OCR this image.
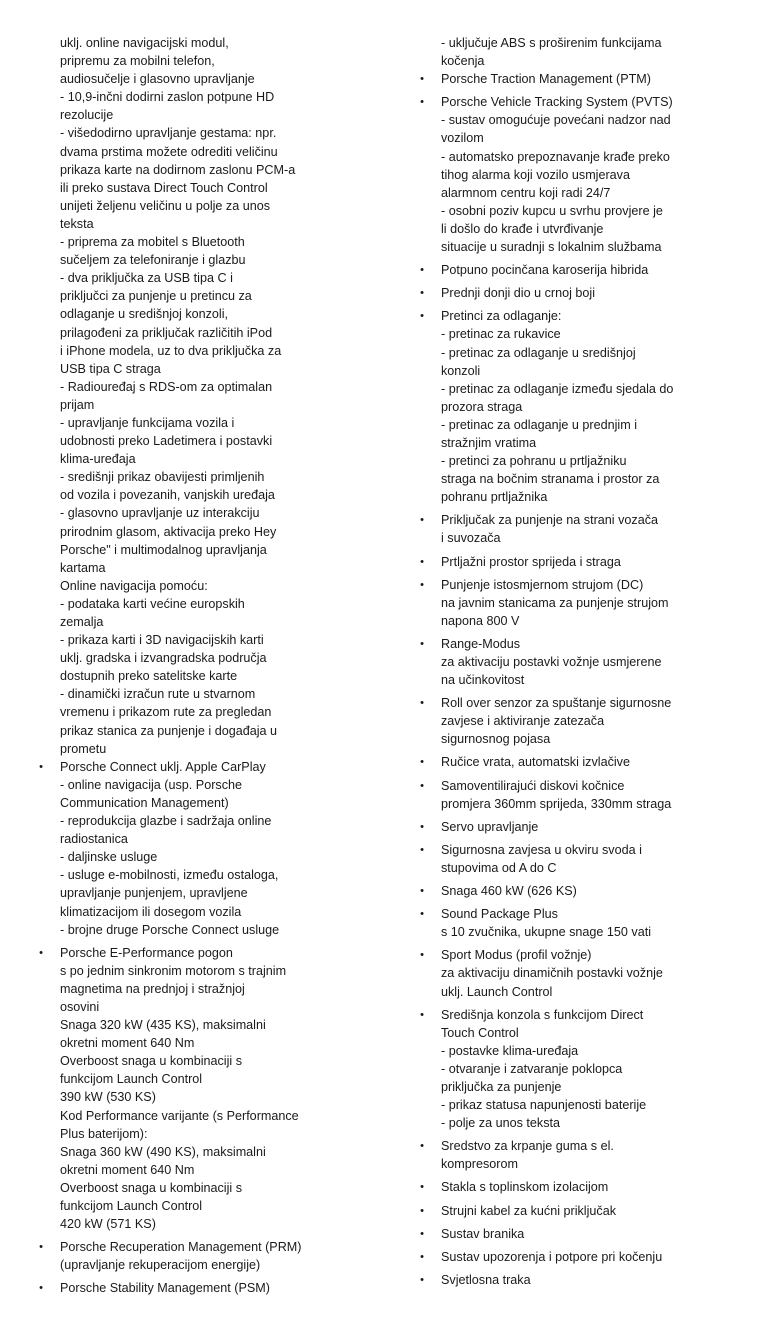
uklj. online navigacijski modul,
pripremu za mobilni telefon,
audiosučelje i glasovno upravljanje
- 10,9-inčni dodirni zaslon potpune HD
rezolucije
- višedodirno upravljanje gestama: npr.
dvama prstima možete odrediti veličinu
prikaza karte na dodirnom zaslonu PCM-a
ili preko sustava Direct Touch Control
unijeti željenu veličinu u polje za unos
teksta
- priprema za mobitel s Bluetooth
sučeljem za telefoniranje i glazbu
- dva priključka za USB tipa C i
priključci za punjenje u pretincu za
odlaganje u središnjoj konzoli,
prilagođeni za priključak različitih iPod
i iPhone modela, uz to dva priključka za
USB tipa C straga
- Radiouređaj s RDS-om za optimalan
prijam
- upravljanje funkcijama vozila i
udobnosti preko Ladetimera i postavki
klima-uređaja
- središnji prikaz obavijesti primljenih
od vozila i povezanih, vanjskih uređaja
- glasovno upravljanje uz interakciju
prirodnim glasom, aktivacija preko Hey
Porsche" i multimodalnog upravljanja
kartama
Online navigacija pomoću:
- podataka karti većine europskih
zemalja
- prikaza karti i 3D navigacijskih karti
uklj. gradska i izvangradska područja
dostupnih preko satelitske karte
- dinamički izračun rute u stvarnom
vremenu i prikazom rute za pregledan
prikaz stanica za punjenje i događaja u
prometu
• Porsche Connect uklj. Apple CarPlay
- online navigacija (usp. Porsche
Communication Management)
- reprodukcija glazbe i sadržaja online
radiostanica
- daljinske usluge
- usluge e-mobilnosti, između ostaloga,
upravljanje punjenjem, upravljene
klimatizacijom ili dosegom vozila
- brojne druge Porsche Connect usluge
• Porsche E-Performance pogon
s po jednim sinkronim motorom s trajnim
magnetima na prednjoj i stražnjoj
osovini
Snaga 320 kW (435 KS), maksimalni
okretni moment 640 Nm
Overboost snaga u kombinaciji s
funkcijom Launch Control
390 kW (530 KS)
Kod Performance varijante (s Performance
Plus baterijom):
Snaga 360 kW (490 KS), maksimalni
okretni moment 640 Nm
Overboost snaga u kombinaciji s
funkcijom Launch Control
420 kW (571 KS)
• Porsche Recuperation Management (PRM)
(upravljanje rekuperacijom energije)
• Porsche Stability Management (PSM)
- uključuje ABS s proširenim funkcijama
kočenja
• Porsche Traction Management (PTM)
• Porsche Vehicle Tracking System (PVTS)
- sustav omogućuje povećani nadzor nad
vozilom
- automatsko prepoznavanje krađe preko
tihog alarma koji vozilo usmjerava
alarmnom centru koji radi 24/7
- osobni poziv kupcu u svrhu provjere je
li došlo do krađe i utvrđivanje
situacije u suradnji s lokalnim službama
• Potpuno pocinčana karoserija hibrida
• Prednji donji dio u crnoj boji
• Pretinci za odlaganje:
- pretinac za rukavice
- pretinac za odlaganje u središnjoj
konzoli
- pretinac za odlaganje između sjedala do
prozora straga
- pretinac za odlaganje u prednjim i
stražnjim vratima
- pretinci za pohranu u prtljažniku
straga na bočnim stranama i prostor za
pohranu prtljažnika
• Priključak za punjenje na strani vozača
i suvozača
• Prtljažni prostor sprijeda i straga
• Punjenje istosmjernom strujom (DC)
na javnim stanicama za punjenje strujom
napona 800 V
• Range-Modus
za aktivaciju postavki vožnje usmjerene
na učinkovitost
• Roll over senzor za spuštanje sigurnosne
zavjese i aktiviranje zatezača
sigurnosnog pojasa
• Ručice vrata, automatski izvlačive
• Samoventilirajući diskovi kočnice
promjera 360mm sprijeda, 330mm straga
• Servo upravljanje
• Sigurnosna zavjesa u okviru svoda i
stupovima od A do C
• Snaga 460 kW (626 KS)
• Sound Package Plus
s 10 zvučnika, ukupne snage 150 vati
• Sport Modus (profil vožnje)
za aktivaciju dinamičnih postavki vožnje
uklj. Launch Control
• Središnja konzola s funkcijom Direct
Touch Control
- postavke klima-uređaja
- otvaranje i zatvaranje poklopca
priključka za punjenje
- prikaz statusa napunjenosti baterije
- polje za unos teksta
• Sredstvo za krpanje guma s el.
kompresorom
• Stakla s toplinskom izolacijom
• Strujni kabel za kućni priključak
• Sustav branika
• Sustav upozorenja i potpore pri kočenju
• Svjetlosna traka
